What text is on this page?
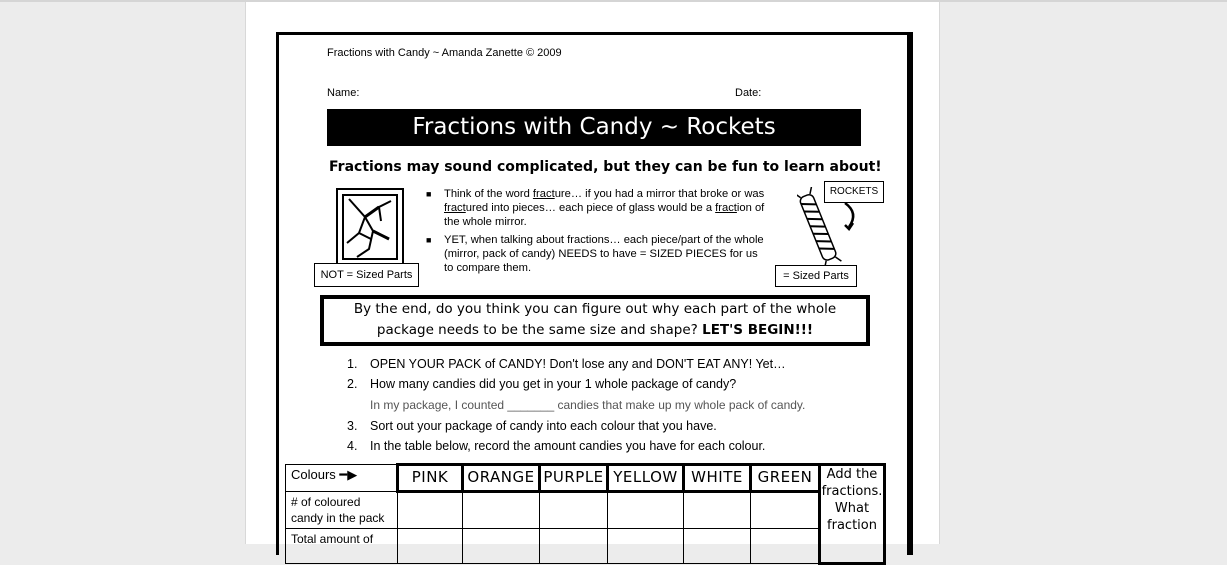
Fractions with Candy ~ Amanda Zanette © 2009
Name:	Date:
Fractions with Candy ~ Rockets
Fractions may sound complicated, but they can be fun to learn about!
NOT = Sized Parts
■ Think of the word fracture… if you had a mirror that broke or was fractured into pieces… each piece of glass would be a fraction of the whole mirror.
■ YET, when talking about fractions… each piece/part of the whole (mirror, pack of candy) NEEDS to have = SIZED PIECES for us to compare them.
ROCKETS
= Sized Parts
By the end, do you think you can figure out why each part of the whole package needs to be the same size and shape? LET'S BEGIN!!!
1. OPEN YOUR PACK of CANDY! Don't lose any and DON'T EAT ANY! Yet…
2. How many candies did you get in your 1 whole package of candy?
In my package, I counted _______ candies that make up my whole pack of candy.
3. Sort out your package of candy into each colour that you have.
4. In the table below, record the amount candies you have for each colour.
Colours ━▶	PINK	ORANGE	PURPLE	YELLOW	WHITE	GREEN	Add the fractions. What fraction
# of coloured candy in the pack							
Total amount of							
